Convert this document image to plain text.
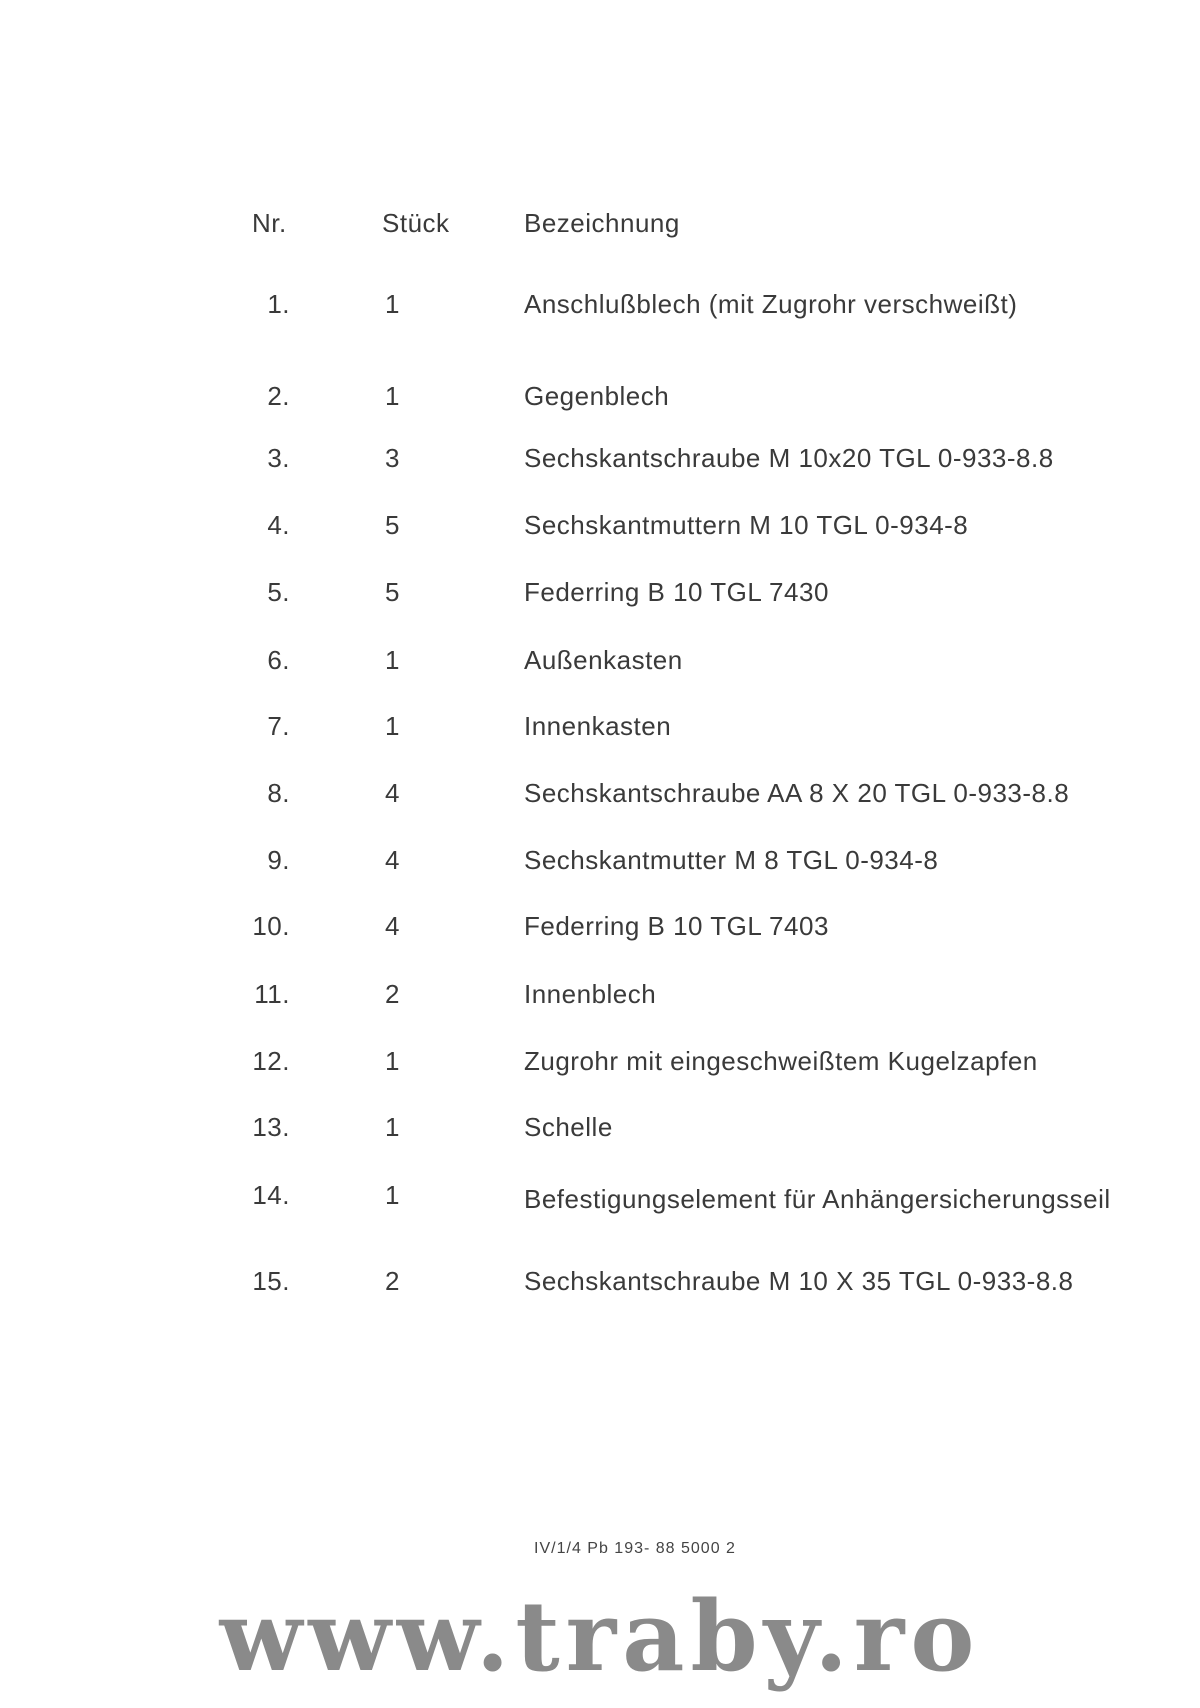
Nr.	Stück	Bezeichnung
1.	1	Anschlußblech (mit Zugrohr verschweißt)
2.	1	Gegenblech
3.	3	Sechskantschraube M 10x20 TGL 0-933-8.8
4.	5	Sechskantmuttern M 10 TGL 0-934-8
5.	5	Federring B 10 TGL 7430
6.	1	Außenkasten
7.	1	Innenkasten
8.	4	Sechskantschraube AA 8 X 20 TGL 0-933-8.8
9.	4	Sechskantmutter M 8 TGL 0-934-8
10.	4	Federring B 10 TGL 7403
11.	2	Innenblech
12.	1	Zugrohr mit eingeschweißtem Kugelzapfen
13.	1	Schelle
14.	1	Befestigungselement für Anhängersicherungsseil
15.	2	Sechskantschraube M 10 X 35 TGL 0-933-8.8
IV/1/4 Pb 193- 88 5000 2
www.traby.ro
